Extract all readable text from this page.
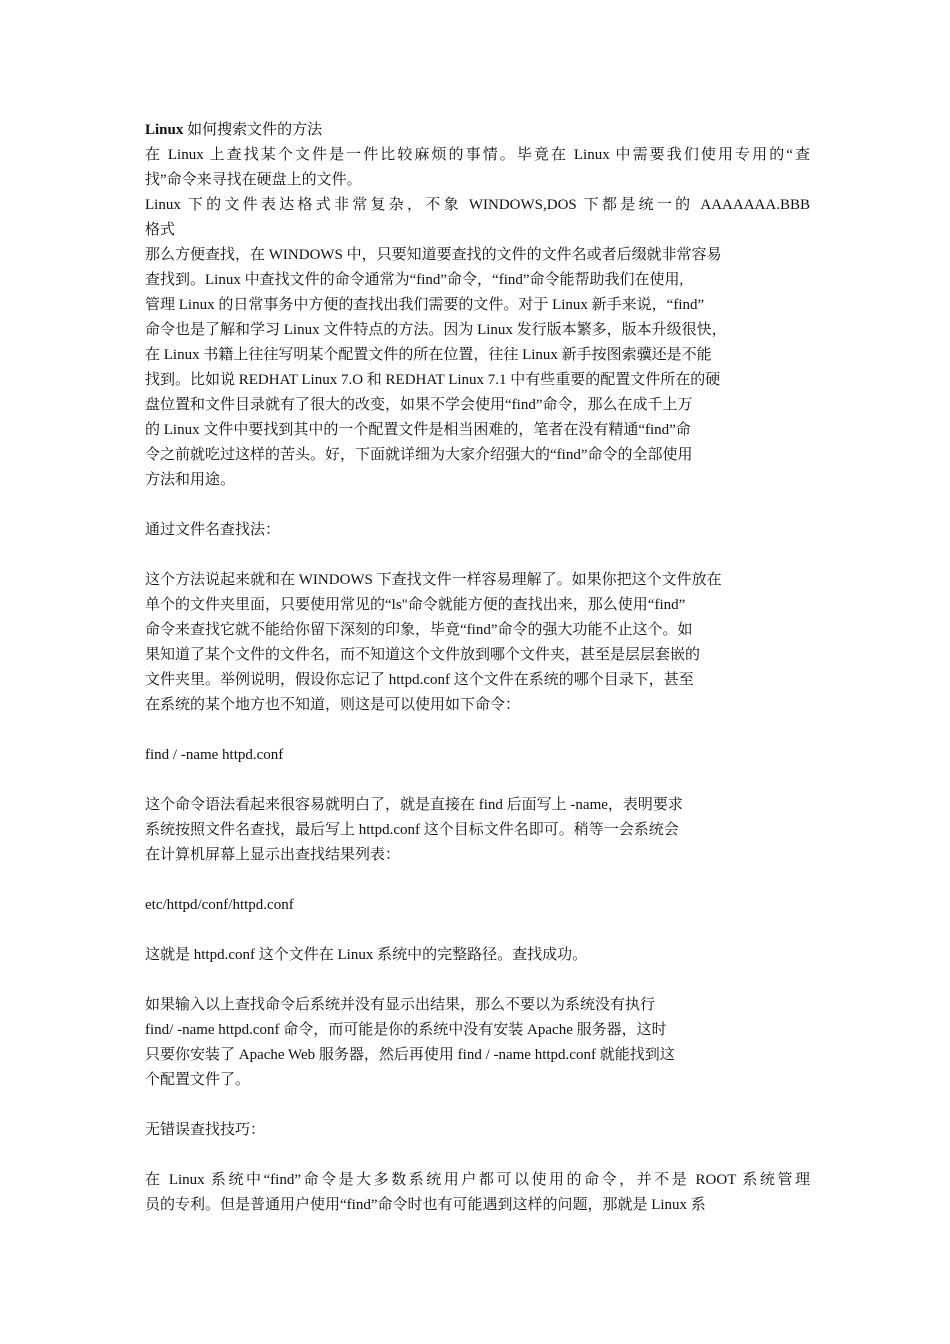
Linux 如何搜索文件的方法
在 Linux 上查找某个文件是一件比较麻烦的事情。毕竟在 Linux 中需要我们使用专用的“查
找”命令来寻找在硬盘上的文件。
Linux 下的文件表达格式非常复杂，不象 WINDOWS,DOS 下都是统一的 AAAAAAA.BBB
格式
那么方便查找，在 WINDOWS 中，只要知道要查找的文件的文件名或者后缀就非常容易
查找到。Linux 中查找文件的命令通常为“find”命令，“find”命令能帮助我们在使用,
管理 Linux 的日常事务中方便的查找出我们需要的文件。对于 Linux 新手来说，“find”
命令也是了解和学习 Linux 文件特点的方法。因为 Linux 发行版本繁多，版本升级很快，
在 Linux 书籍上往往写明某个配置文件的所在位置，往往 Linux 新手按图索骥还是不能
找到。比如说 REDHAT Linux 7.O 和 REDHAT Linux 7.1 中有些重要的配置文件所在的硬
盘位置和文件目录就有了很大的改变，如果不学会使用“find”命令，那么在成千上万
的 Linux 文件中要找到其中的一个配置文件是相当困难的，笔者在没有精通“find”命
令之前就吃过这样的苦头。好，下面就详细为大家介绍强大的“find”命令的全部使用
方法和用途。
通过文件名查找法：
这个方法说起来就和在 WINDOWS 下查找文件一样容易理解了。如果你把这个文件放在
单个的文件夹里面，只要使用常见的“ls"命令就能方便的查找出来，那么使用“find”
命令来查找它就不能给你留下深刻的印象，毕竟“find”命令的强大功能不止这个。如
果知道了某个文件的文件名，而不知道这个文件放到哪个文件夹，甚至是层层套嵌的
文件夹里。举例说明，假设你忘记了 httpd.conf 这个文件在系统的哪个目录下，甚至
在系统的某个地方也不知道，则这是可以使用如下命令：
find / -name httpd.conf
这个命令语法看起来很容易就明白了，就是直接在 find 后面写上 -name，表明要求
系统按照文件名查找，最后写上 httpd.conf 这个目标文件名即可。稍等一会系统会
在计算机屏幕上显示出查找结果列表：
etc/httpd/conf/httpd.conf
这就是 httpd.conf 这个文件在 Linux 系统中的完整路径。查找成功。
如果输入以上查找命令后系统并没有显示出结果，那么不要以为系统没有执行
find/ -name httpd.conf 命令，而可能是你的系统中没有安装 Apache 服务器，这时
只要你安装了 Apache Web 服务器，然后再使用 find / -name httpd.conf 就能找到这
个配置文件了。
无错误查找技巧：
在 Linux 系统中“find”命令是大多数系统用户都可以使用的命令，并不是 ROOT 系统管理
员的专利。但是普通用户使用“find”命令时也有可能遇到这样的问题，那就是 Linux 系
